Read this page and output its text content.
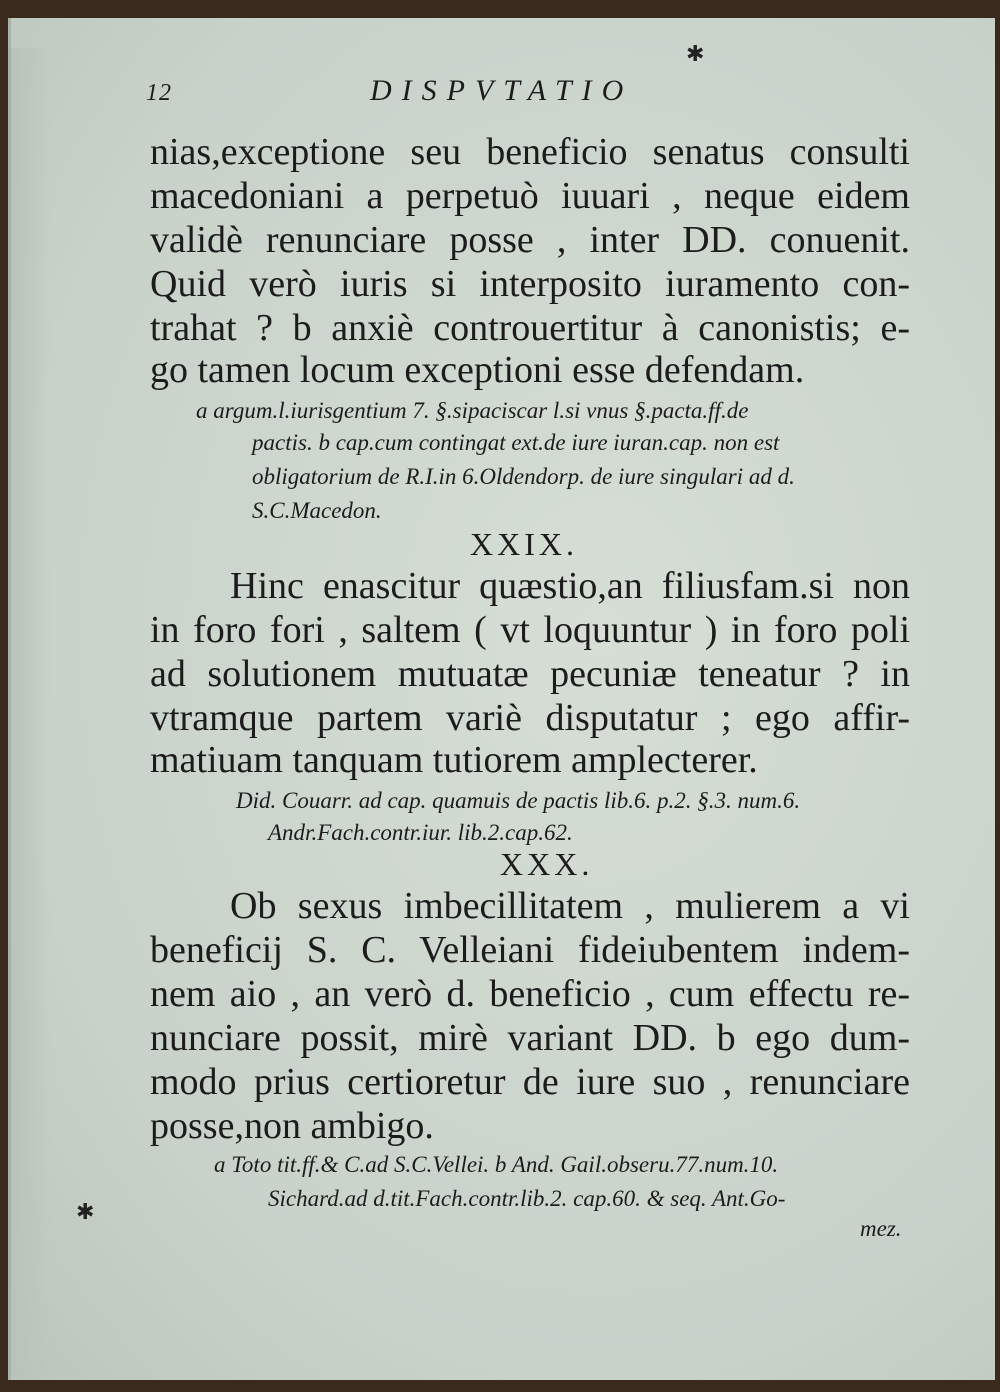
✱
12	DISPVTATIO
nias,exceptione seu beneficio senatus consulti
macedoniani a perpetuò iuuari , neque eidem
validè renunciare posse , inter DD. conuenit.
Quid verò iuris si interposito iuramento con-
trahat ? b anxiè controuertitur à canonistis; e-
go tamen locum exceptioni esse defendam.
a argum.l.iurisgentium 7. §.sipaciscar l.si vnus §.pacta.ff.de
pactis. b cap.cum contingat ext.de iure iuran.cap. non est
obligatorium de R.I.in 6.Oldendorp. de iure singulari ad d.
S.C.Macedon.
XXIX.
Hinc enascitur quæstio,an filiusfam.si non
in foro fori , saltem ( vt loquuntur ) in foro poli
ad solutionem mutuatæ pecuniæ teneatur ? in
vtramque partem variè disputatur ; ego affir-
matiuam tanquam tutiorem amplecterer.
Did. Couarr. ad cap. quamuis de pactis lib.6. p.2. §.3. num.6.
Andr.Fach.contr.iur. lib.2.cap.62.
XXX.
Ob sexus imbecillitatem , mulierem a vi
beneficij S. C. Velleiani fideiubentem indem-
nem aio , an verò d. beneficio , cum effectu re-
nunciare possit, mirè variant DD. b ego dum-
modo prius certioretur de iure suo , renunciare
posse,non ambigo.
a Toto tit.ff.& C.ad S.C.Vellei. b And. Gail.obseru.77.num.10.
Sichard.ad d.tit.Fach.contr.lib.2. cap.60. & seq. Ant.Go-
mez.
✱
